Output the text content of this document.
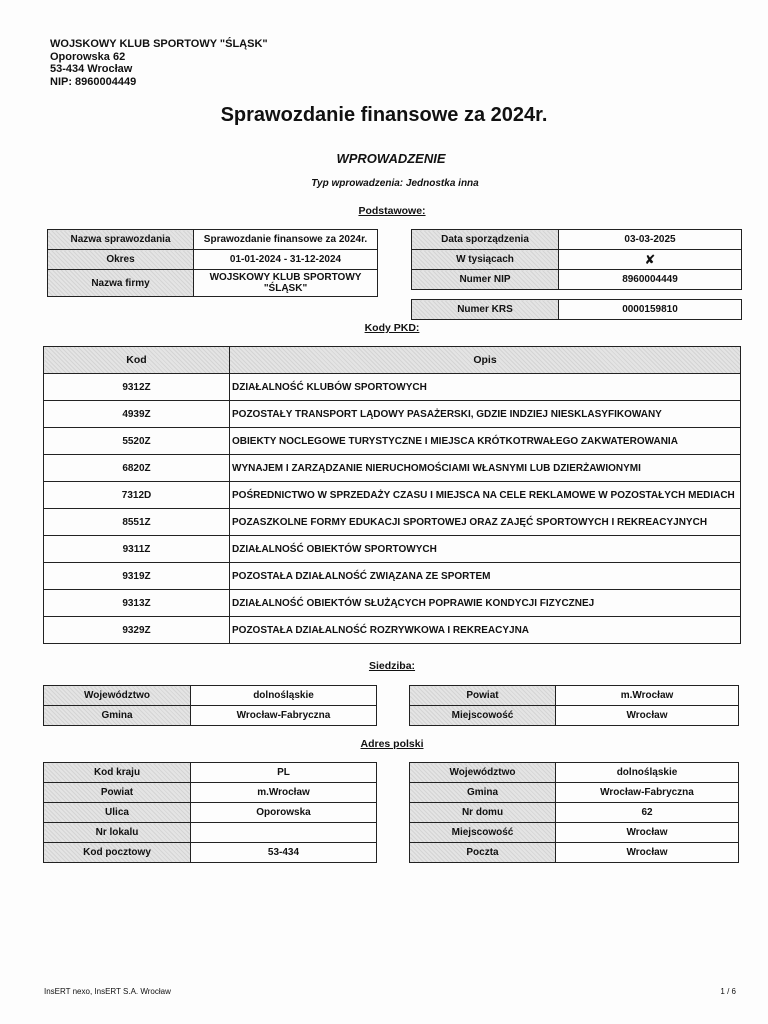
WOJSKOWY KLUB SPORTOWY "ŚLĄSK"
Oporowska 62
53-434 Wrocław
NIP: 8960004449
Sprawozdanie finansowe za 2024r.
WPROWADZENIE
Typ wprowadzenia: Jednostka inna
Podstawowe:
Nazwa sprawozdania	Sprawozdanie finansowe za 2024r.
Okres	01-01-2024 - 31-12-2024
Nazwa firmy	WOJSKOWY KLUB SPORTOWY "ŚLĄSK"
Data sporządzenia	03-03-2025
W tysiącach	✘
Numer NIP	8960004449
Numer KRS	0000159810
Kody PKD:
Kod	Opis
9312Z	DZIAŁALNOŚĆ KLUBÓW SPORTOWYCH
4939Z	POZOSTAŁY TRANSPORT LĄDOWY PASAŻERSKI, GDZIE INDZIEJ NIESKLASYFIKOWANY
5520Z	OBIEKTY NOCLEGOWE TURYSTYCZNE I MIEJSCA KRÓTKOTRWAŁEGO ZAKWATEROWANIA
6820Z	WYNAJEM I ZARZĄDZANIE NIERUCHOMOŚCIAMI WŁASNYMI LUB DZIERŻAWIONYMI
7312D	POŚREDNICTWO W SPRZEDAŻY CZASU I MIEJSCA NA CELE REKLAMOWE W POZOSTAŁYCH MEDIACH
8551Z	POZASZKOLNE FORMY EDUKACJI SPORTOWEJ ORAZ ZAJĘĆ SPORTOWYCH I REKREACYJNYCH
9311Z	DZIAŁALNOŚĆ OBIEKTÓW SPORTOWYCH
9319Z	POZOSTAŁA DZIAŁALNOŚĆ ZWIĄZANA ZE SPORTEM
9313Z	DZIAŁALNOŚĆ OBIEKTÓW SŁUŻĄCYCH POPRAWIE KONDYCJI FIZYCZNEJ
9329Z	POZOSTAŁA DZIAŁALNOŚĆ ROZRYWKOWA I REKREACYJNA
Siedziba:
Województwo	dolnośląskie
Gmina	Wrocław-Fabryczna
Powiat	m.Wrocław
Miejscowość	Wrocław
Adres polski
Kod kraju	PL
Powiat	m.Wrocław
Ulica	Oporowska
Nr lokalu	
Kod pocztowy	53-434
Województwo	dolnośląskie
Gmina	Wrocław-Fabryczna
Nr domu	62
Miejscowość	Wrocław
Poczta	Wrocław
InsERT nexo, InsERT S.A. Wrocław	1 / 6
